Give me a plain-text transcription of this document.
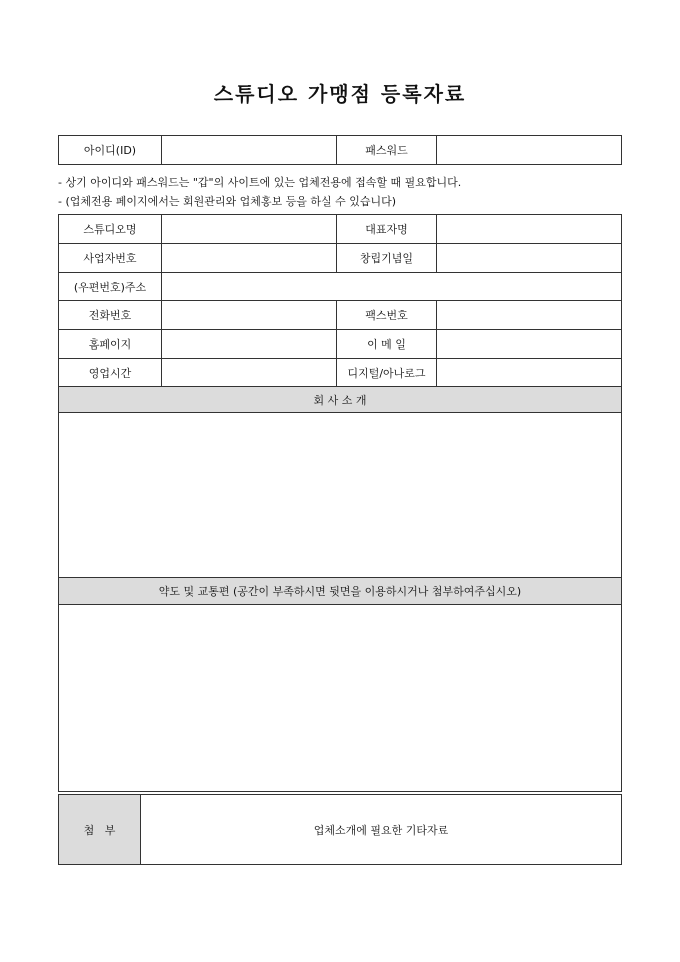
스튜디오 가맹점 등록자료
아이디(ID)		패스워드	
- 상기 아이디와 패스워드는 "갑"의 사이트에 있는 업체전용에 접속할 때 필요합니다.
- (업체전용 페이지에서는 회원관리와 업체홍보 등을 하실 수 있습니다)
스튜디오명		대표자명	
사업자번호		창립기념일	
(우편번호)주소			
전화번호		팩스번호	
홈페이지		이 메 일	
영업시간		디지털/아나로그	
회 사 소 개			

약도 및 교통편 (공간이 부족하시면 뒷면을 이용하시거나 첨부하여주십시오)			

첨   부	업체소개에 필요한 기타자료
